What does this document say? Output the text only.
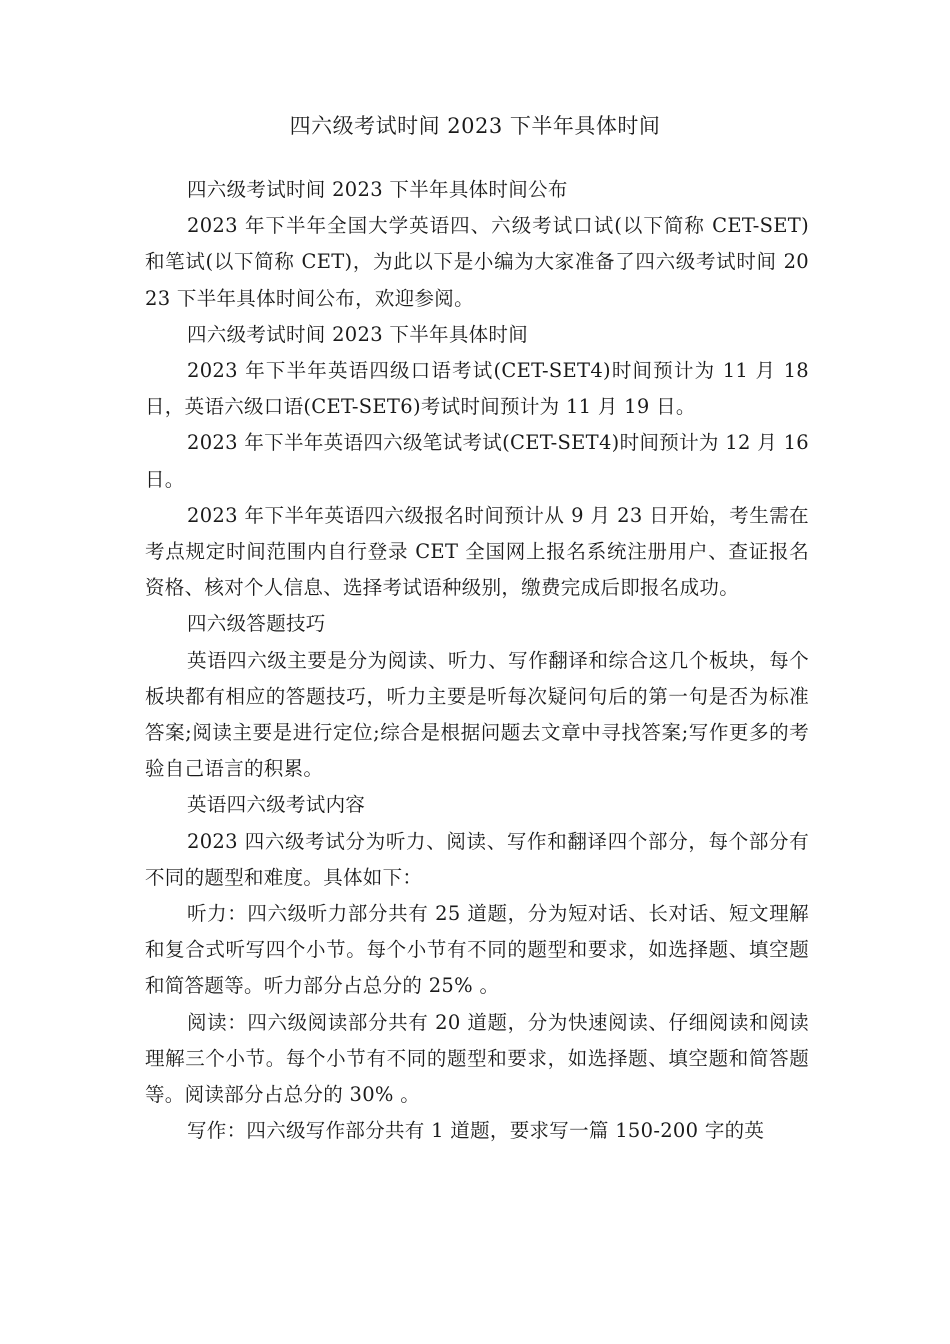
四六级考试时间 2023 下半年具体时间

四六级考试时间 2023 下半年具体时间公布

2023 年下半年全国大学英语四、六级考试口试(以下简称 CET-SET)和笔试(以下简称 CET)，为此以下是小编为大家准备了四六级考试时间 2023 下半年具体时间公布，欢迎参阅。

四六级考试时间 2023 下半年具体时间

2023 年下半年英语四级口语考试(CET-SET4)时间预计为 11 月 18 日，英语六级口语(CET-SET6)考试时间预计为 11 月 19 日。

2023 年下半年英语四六级笔试考试(CET-SET4)时间预计为 12 月 16 日。

2023 年下半年英语四六级报名时间预计从 9 月 23 日开始，考生需在考点规定时间范围内自行登录 CET 全国网上报名系统注册用户、查证报名资格、核对个人信息、选择考试语种级别，缴费完成后即报名成功。

四六级答题技巧

英语四六级主要是分为阅读、听力、写作翻译和综合这几个板块，每个板块都有相应的答题技巧，听力主要是听每次疑问句后的第一句是否为标准答案;阅读主要是进行定位;综合是根据问题去文章中寻找答案;写作更多的考验自己语言的积累。

英语四六级考试内容

2023 四六级考试分为听力、阅读、写作和翻译四个部分，每个部分有不同的题型和难度。具体如下：

听力：四六级听力部分共有 25 道题，分为短对话、长对话、短文理解和复合式听写四个小节。每个小节有不同的题型和要求，如选择题、填空题和简答题等。听力部分占总分的 25% 。

阅读：四六级阅读部分共有 20 道题，分为快速阅读、仔细阅读和阅读理解三个小节。每个小节有不同的题型和要求，如选择题、填空题和简答题等。阅读部分占总分的 30% 。

写作：四六级写作部分共有 1 道题，要求写一篇 150-200 字的英
